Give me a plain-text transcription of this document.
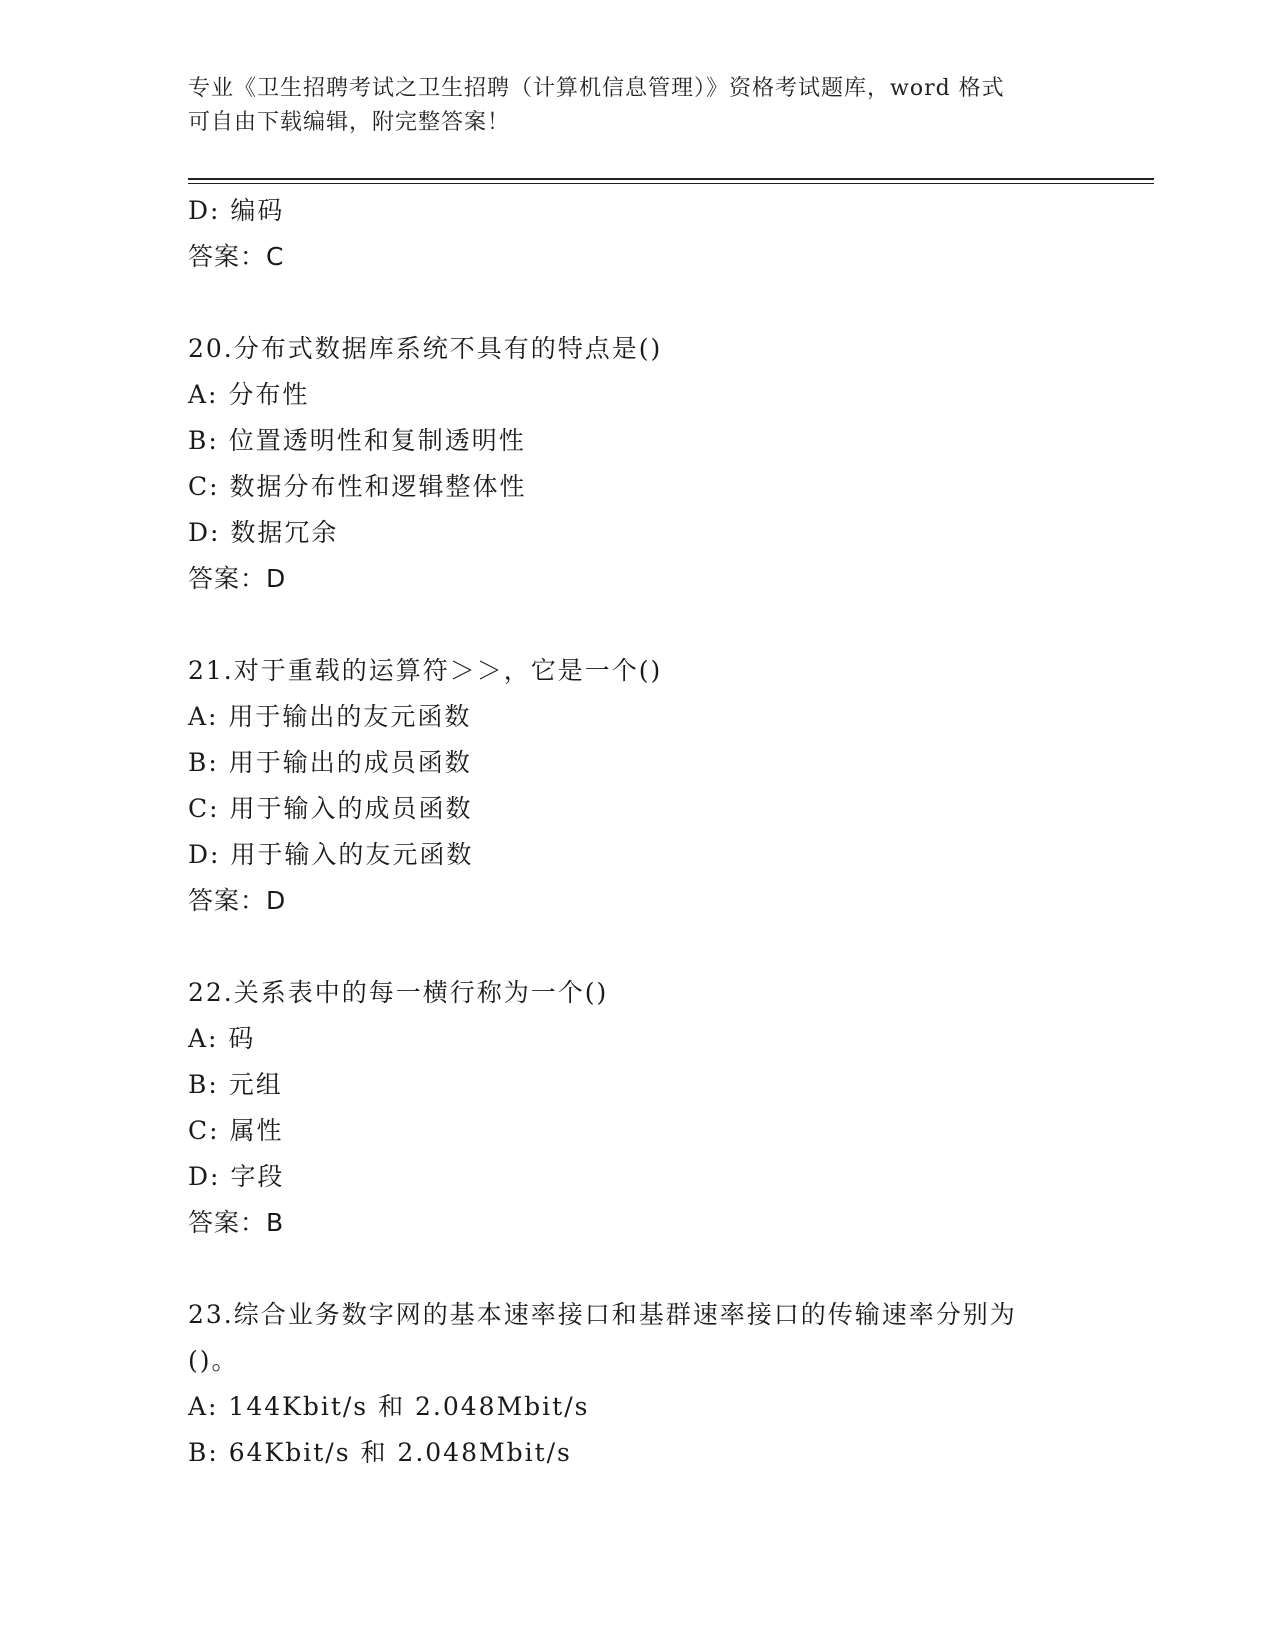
专业《卫生招聘考试之卫生招聘（计算机信息管理）》资格考试题库，word 格式
可自由下载编辑，附完整答案！
D: 编码
答案：C
20.分布式数据库系统不具有的特点是()
A: 分布性
B: 位置透明性和复制透明性
C: 数据分布性和逻辑整体性
D: 数据冗余
答案：D
21.对于重载的运算符＞＞，它是一个()
A: 用于输出的友元函数
B: 用于输出的成员函数
C: 用于输入的成员函数
D: 用于输入的友元函数
答案：D
22.关系表中的每一横行称为一个()
A: 码
B: 元组
C: 属性
D: 字段
答案：B
23.综合业务数字网的基本速率接口和基群速率接口的传输速率分别为
()。
A: 144Kbit/s 和 2.048Mbit/s
B: 64Kbit/s 和 2.048Mbit/s
